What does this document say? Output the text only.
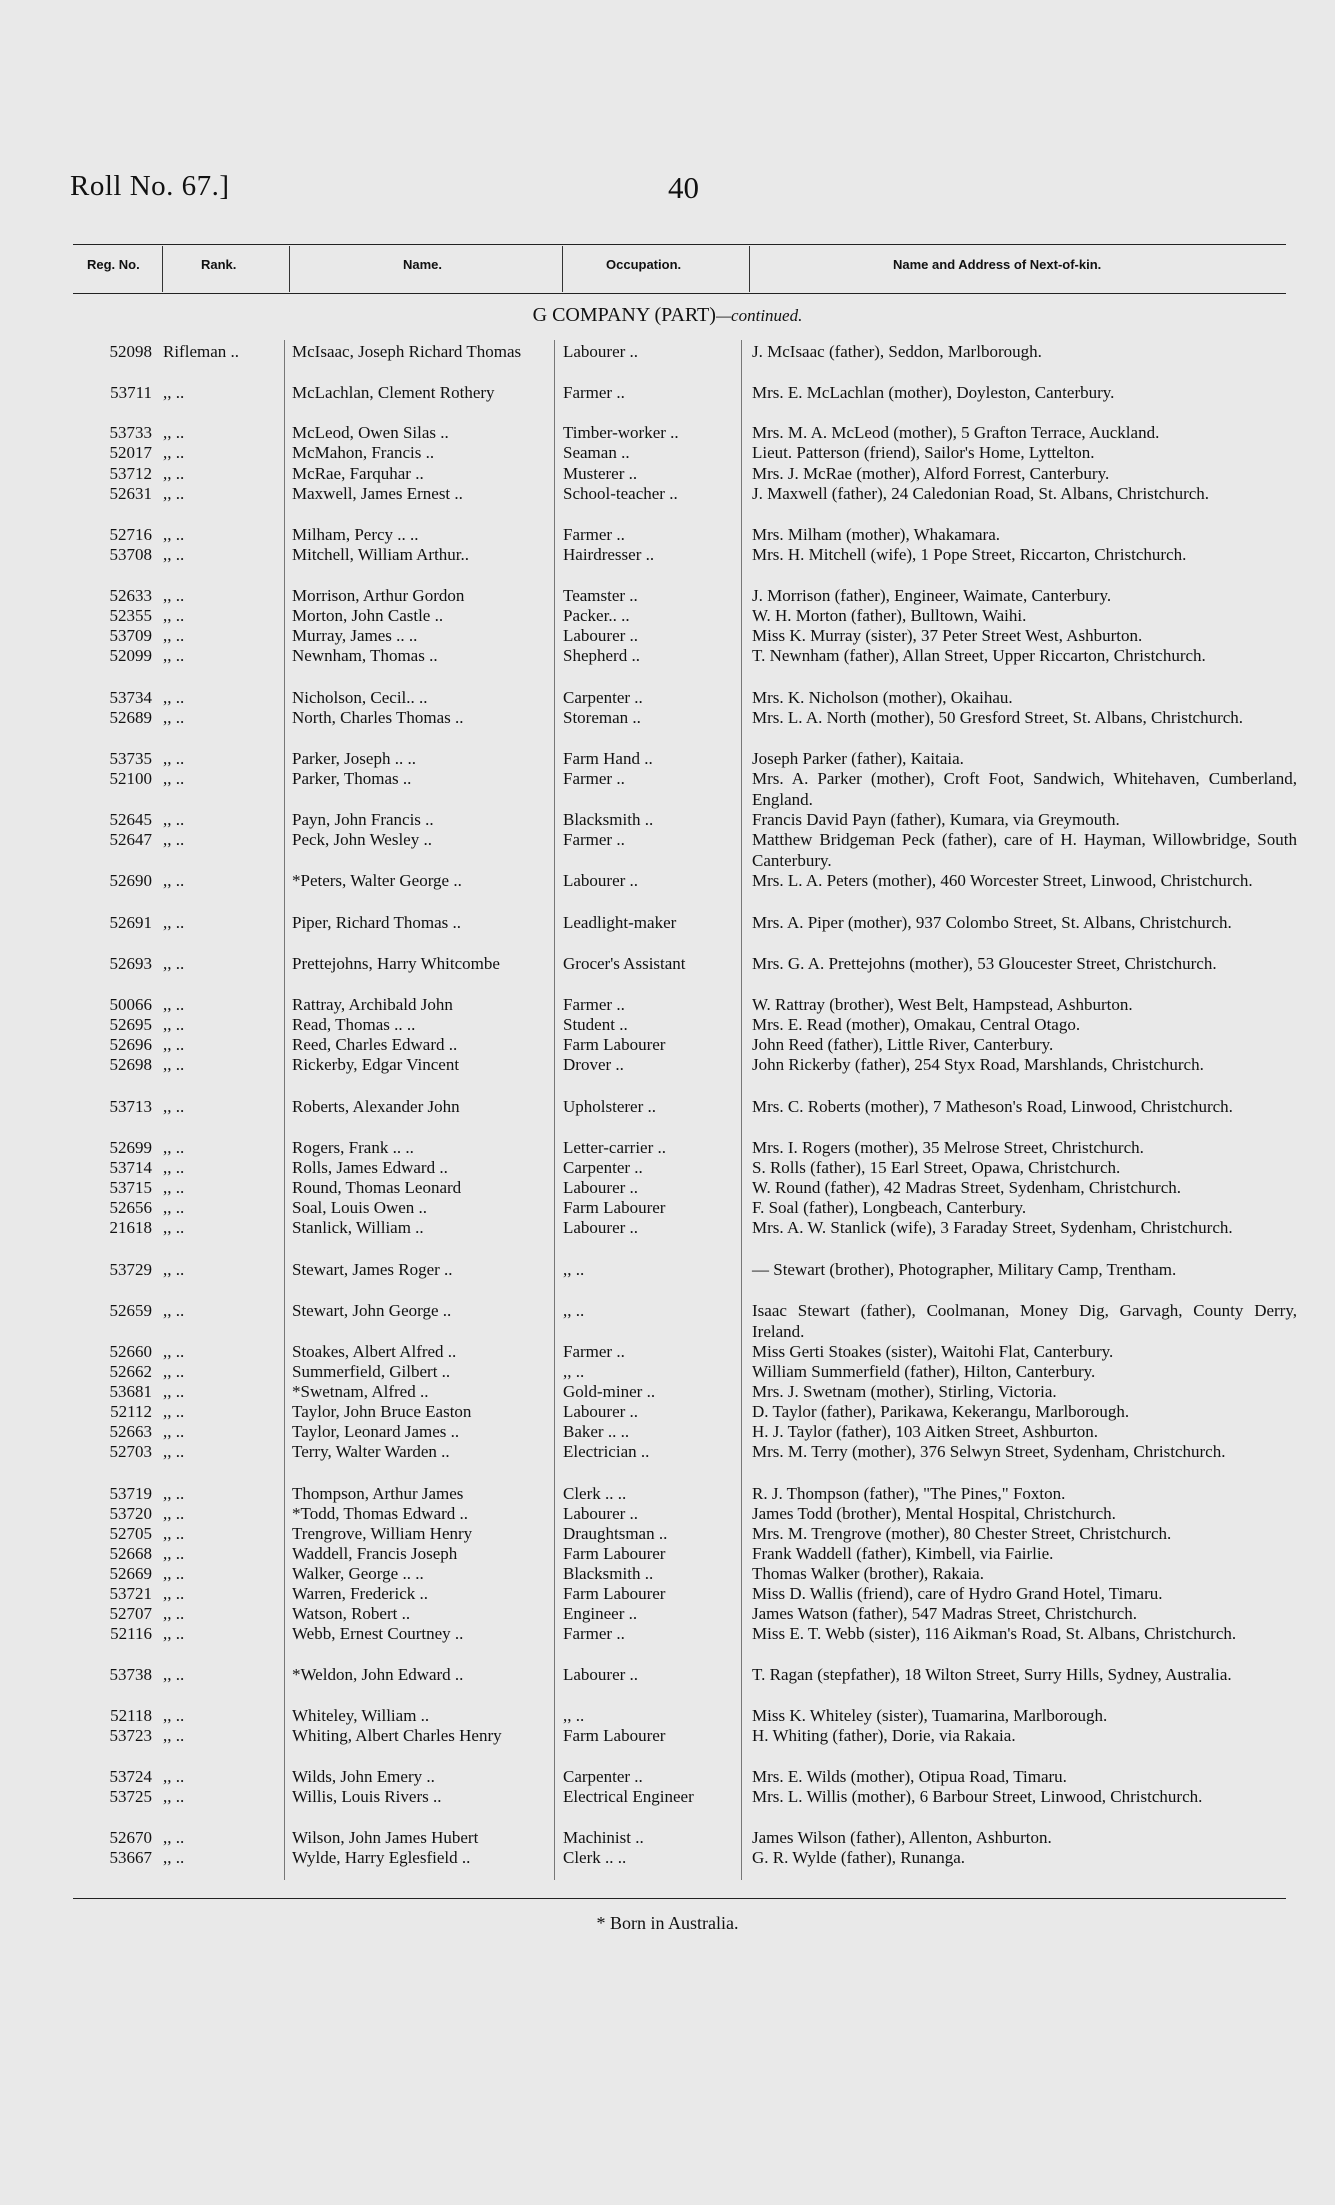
Roll No. 67.]	40
Reg. No.	Rank.	Name.	Occupation.	Name and Address of Next-of-kin.
G COMPANY (PART)—continued.
52098 Rifleman ..	McIsaac, Joseph Richard Thomas	Labourer ..	J. McIsaac (father), Seddon, Marlborough.
53711 ,, ..	McLachlan, Clement Rothery	Farmer ..	Mrs. E. McLachlan (mother), Doyleston, Canterbury.
53733 ,, ..	McLeod, Owen Silas ..	Timber-worker ..	Mrs. M. A. McLeod (mother), 5 Grafton Terrace, Auckland.
52017 ,, ..	McMahon, Francis ..	Seaman ..	Lieut. Patterson (friend), Sailor's Home, Lyttelton.
53712 ,, ..	McRae, Farquhar ..	Musterer ..	Mrs. J. McRae (mother), Alford Forrest, Canterbury.
52631 ,, ..	Maxwell, James Ernest ..	School-teacher ..	J. Maxwell (father), 24 Caledonian Road, St. Albans, Christchurch.
52716 ,, ..	Milham, Percy .. ..	Farmer ..	Mrs. Milham (mother), Whakamara.
53708 ,, ..	Mitchell, William Arthur..	Hairdresser ..	Mrs. H. Mitchell (wife), 1 Pope Street, Riccarton, Christchurch.
52633 ,, ..	Morrison, Arthur Gordon	Teamster ..	J. Morrison (father), Engineer, Waimate, Canterbury.
52355 ,, ..	Morton, John Castle ..	Packer.. ..	W. H. Morton (father), Bulltown, Waihi.
53709 ,, ..	Murray, James .. ..	Labourer ..	Miss K. Murray (sister), 37 Peter Street West, Ashburton.
52099 ,, ..	Newnham, Thomas ..	Shepherd ..	T. Newnham (father), Allan Street, Upper Riccarton, Christchurch.
53734 ,, ..	Nicholson, Cecil.. ..	Carpenter ..	Mrs. K. Nicholson (mother), Okaihau.
52689 ,, ..	North, Charles Thomas ..	Storeman ..	Mrs. L. A. North (mother), 50 Gresford Street, St. Albans, Christchurch.
53735 ,, ..	Parker, Joseph .. ..	Farm Hand ..	Joseph Parker (father), Kaitaia.
52100 ,, ..	Parker, Thomas ..	Farmer ..	Mrs. A. Parker (mother), Croft Foot, Sandwich, Whitehaven, Cumberland, England.
52645 ,, ..	Payn, John Francis ..	Blacksmith ..	Francis David Payn (father), Kumara, via Greymouth.
52647 ,, ..	Peck, John Wesley ..	Farmer ..	Matthew Bridgeman Peck (father), care of H. Hayman, Willowbridge, South Canterbury.
52690 ,, ..	*Peters, Walter George ..	Labourer ..	Mrs. L. A. Peters (mother), 460 Worcester Street, Linwood, Christchurch.
52691 ,, ..	Piper, Richard Thomas ..	Leadlight-maker	Mrs. A. Piper (mother), 937 Colombo Street, St. Albans, Christchurch.
52693 ,, ..	Prettejohns, Harry Whitcombe	Grocer's Assistant	Mrs. G. A. Prettejohns (mother), 53 Gloucester Street, Christchurch.
50066 ,, ..	Rattray, Archibald John	Farmer ..	W. Rattray (brother), West Belt, Hampstead, Ashburton.
52695 ,, ..	Read, Thomas .. ..	Student ..	Mrs. E. Read (mother), Omakau, Central Otago.
52696 ,, ..	Reed, Charles Edward ..	Farm Labourer	John Reed (father), Little River, Canterbury.
52698 ,, ..	Rickerby, Edgar Vincent	Drover ..	John Rickerby (father), 254 Styx Road, Marshlands, Christchurch.
53713 ,, ..	Roberts, Alexander John	Upholsterer ..	Mrs. C. Roberts (mother), 7 Matheson's Road, Linwood, Christchurch.
52699 ,, ..	Rogers, Frank .. ..	Letter-carrier ..	Mrs. I. Rogers (mother), 35 Melrose Street, Christchurch.
53714 ,, ..	Rolls, James Edward ..	Carpenter ..	S. Rolls (father), 15 Earl Street, Opawa, Christchurch.
53715 ,, ..	Round, Thomas Leonard	Labourer ..	W. Round (father), 42 Madras Street, Sydenham, Christchurch.
52656 ,, ..	Soal, Louis Owen ..	Farm Labourer	F. Soal (father), Longbeach, Canterbury.
21618 ,, ..	Stanlick, William ..	Labourer ..	Mrs. A. W. Stanlick (wife), 3 Faraday Street, Sydenham, Christchurch.
53729 ,, ..	Stewart, James Roger ..	,, ..	— Stewart (brother), Photographer, Military Camp, Trentham.
52659 ,, ..	Stewart, John George ..	,, ..	Isaac Stewart (father), Coolmanan, Money Dig, Garvagh, County Derry, Ireland.
52660 ,, ..	Stoakes, Albert Alfred ..	Farmer ..	Miss Gerti Stoakes (sister), Waitohi Flat, Canterbury.
52662 ,, ..	Summerfield, Gilbert ..	,, ..	William Summerfield (father), Hilton, Canterbury.
53681 ,, ..	*Swetnam, Alfred ..	Gold-miner ..	Mrs. J. Swetnam (mother), Stirling, Victoria.
52112 ,, ..	Taylor, John Bruce Easton	Labourer ..	D. Taylor (father), Parikawa, Kekerangu, Marlborough.
52663 ,, ..	Taylor, Leonard James ..	Baker .. ..	H. J. Taylor (father), 103 Aitken Street, Ashburton.
52703 ,, ..	Terry, Walter Warden ..	Electrician ..	Mrs. M. Terry (mother), 376 Selwyn Street, Sydenham, Christchurch.
53719 ,, ..	Thompson, Arthur James	Clerk .. ..	R. J. Thompson (father), "The Pines," Foxton.
53720 ,, ..	*Todd, Thomas Edward ..	Labourer ..	James Todd (brother), Mental Hospital, Christchurch.
52705 ,, ..	Trengrove, William Henry	Draughtsman ..	Mrs. M. Trengrove (mother), 80 Chester Street, Christchurch.
52668 ,, ..	Waddell, Francis Joseph	Farm Labourer	Frank Waddell (father), Kimbell, via Fairlie.
52669 ,, ..	Walker, George .. ..	Blacksmith ..	Thomas Walker (brother), Rakaia.
53721 ,, ..	Warren, Frederick ..	Farm Labourer	Miss D. Wallis (friend), care of Hydro Grand Hotel, Timaru.
52707 ,, ..	Watson, Robert ..	Engineer ..	James Watson (father), 547 Madras Street, Christchurch.
52116 ,, ..	Webb, Ernest Courtney ..	Farmer ..	Miss E. T. Webb (sister), 116 Aikman's Road, St. Albans, Christchurch.
53738 ,, ..	*Weldon, John Edward ..	Labourer ..	T. Ragan (stepfather), 18 Wilton Street, Surry Hills, Sydney, Australia.
52118 ,, ..	Whiteley, William ..	,, ..	Miss K. Whiteley (sister), Tuamarina, Marlborough.
53723 ,, ..	Whiting, Albert Charles Henry	Farm Labourer	H. Whiting (father), Dorie, via Rakaia.
53724 ,, ..	Wilds, John Emery ..	Carpenter ..	Mrs. E. Wilds (mother), Otipua Road, Timaru.
53725 ,, ..	Willis, Louis Rivers ..	Electrical Engineer	Mrs. L. Willis (mother), 6 Barbour Street, Linwood, Christchurch.
52670 ,, ..	Wilson, John James Hubert	Machinist ..	James Wilson (father), Allenton, Ashburton.
53667 ,, ..	Wylde, Harry Eglesfield ..	Clerk .. ..	G. R. Wylde (father), Runanga.
* Born in Australia.
